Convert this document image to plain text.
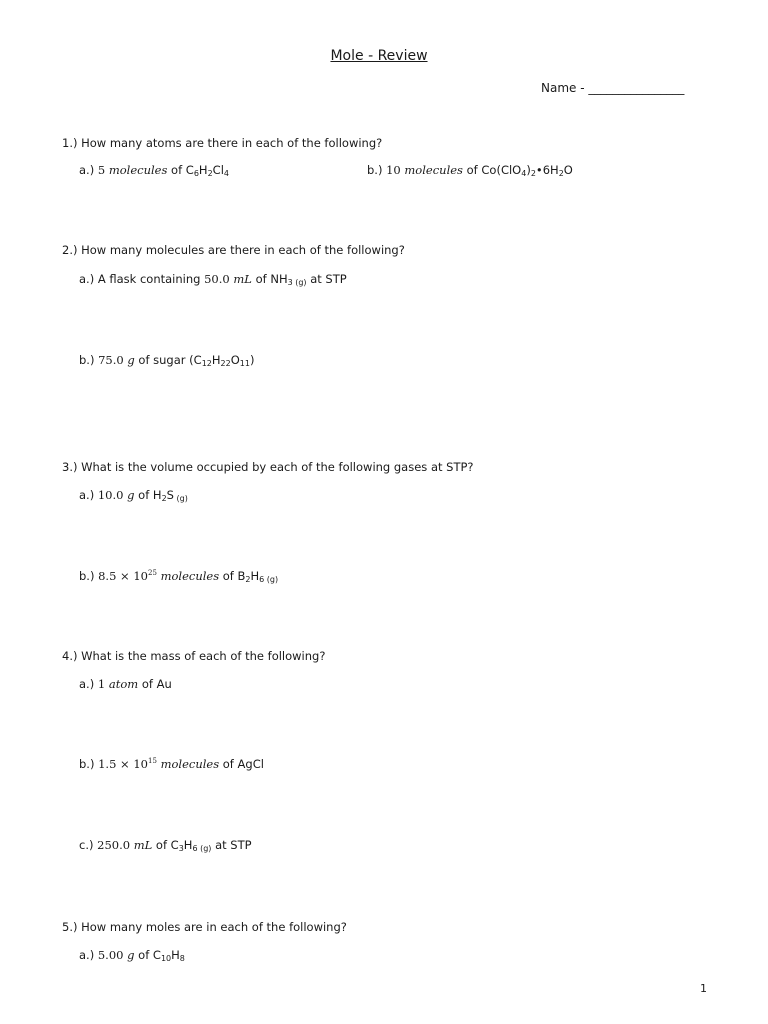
Mole - Review
Name - ________________
1.) How many atoms are there in each of the following?
a.) 5 molecules of $C_6H_2Cl_4$	b.) 10 molecules of $Co(ClO_4)_2•6H_2O$
2.) How many molecules are there in each of the following?
a.) A flask containing 50.0 mL of $NH_3$ $_{(g)}$ at STP
b.) 75.0 g of sugar $(C_{12}H_{22}O_{11})$
3.) What is the volume occupied by each of the following gases at STP?
a.) 10.0 g of $H_2S$ $_{(g)}$
b.) $8.5 \times 10^{25}$ molecules of $B_2H_6$ $_{(g)}$
4.) What is the mass of each of the following?
a.) 1 atom of Au
b.) $1.5 \times 10^{15}$ molecules of AgCl
c.) 250.0 mL of $C_3H_6$ $_{(g)}$ at STP
5.) How many moles are in each of the following?
a.) 5.00 g of $C_{10}H_8$
1
